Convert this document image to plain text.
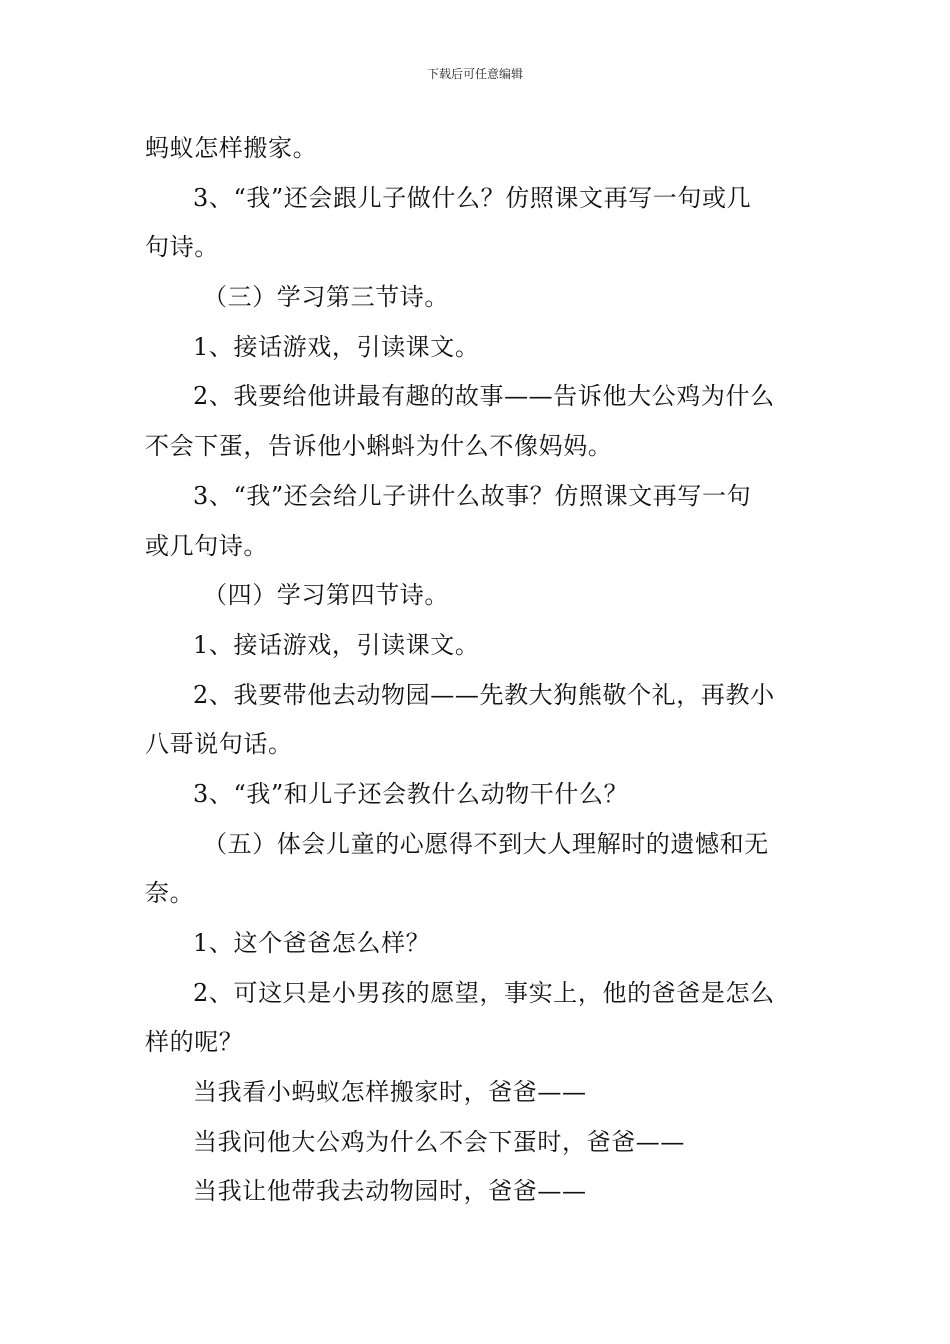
下载后可任意编辑
蚂蚁怎样搬家。
3、“我”还会跟儿子做什么？仿照课文再写一句或几
句诗。
（三）学习第三节诗。
1、接话游戏，引读课文。
2、我要给他讲最有趣的故事——告诉他大公鸡为什么
不会下蛋，告诉他小蝌蚪为什么不像妈妈。
3、“我”还会给儿子讲什么故事？仿照课文再写一句
或几句诗。
（四）学习第四节诗。
1、接话游戏，引读课文。
2、我要带他去动物园——先教大狗熊敬个礼，再教小
八哥说句话。
3、“我”和儿子还会教什么动物干什么？
（五）体会儿童的心愿得不到大人理解时的遗憾和无
奈。
1、这个爸爸怎么样？
2、可这只是小男孩的愿望，事实上，他的爸爸是怎么
样的呢？
当我看小蚂蚁怎样搬家时，爸爸——
当我问他大公鸡为什么不会下蛋时，爸爸——
当我让他带我去动物园时，爸爸——
